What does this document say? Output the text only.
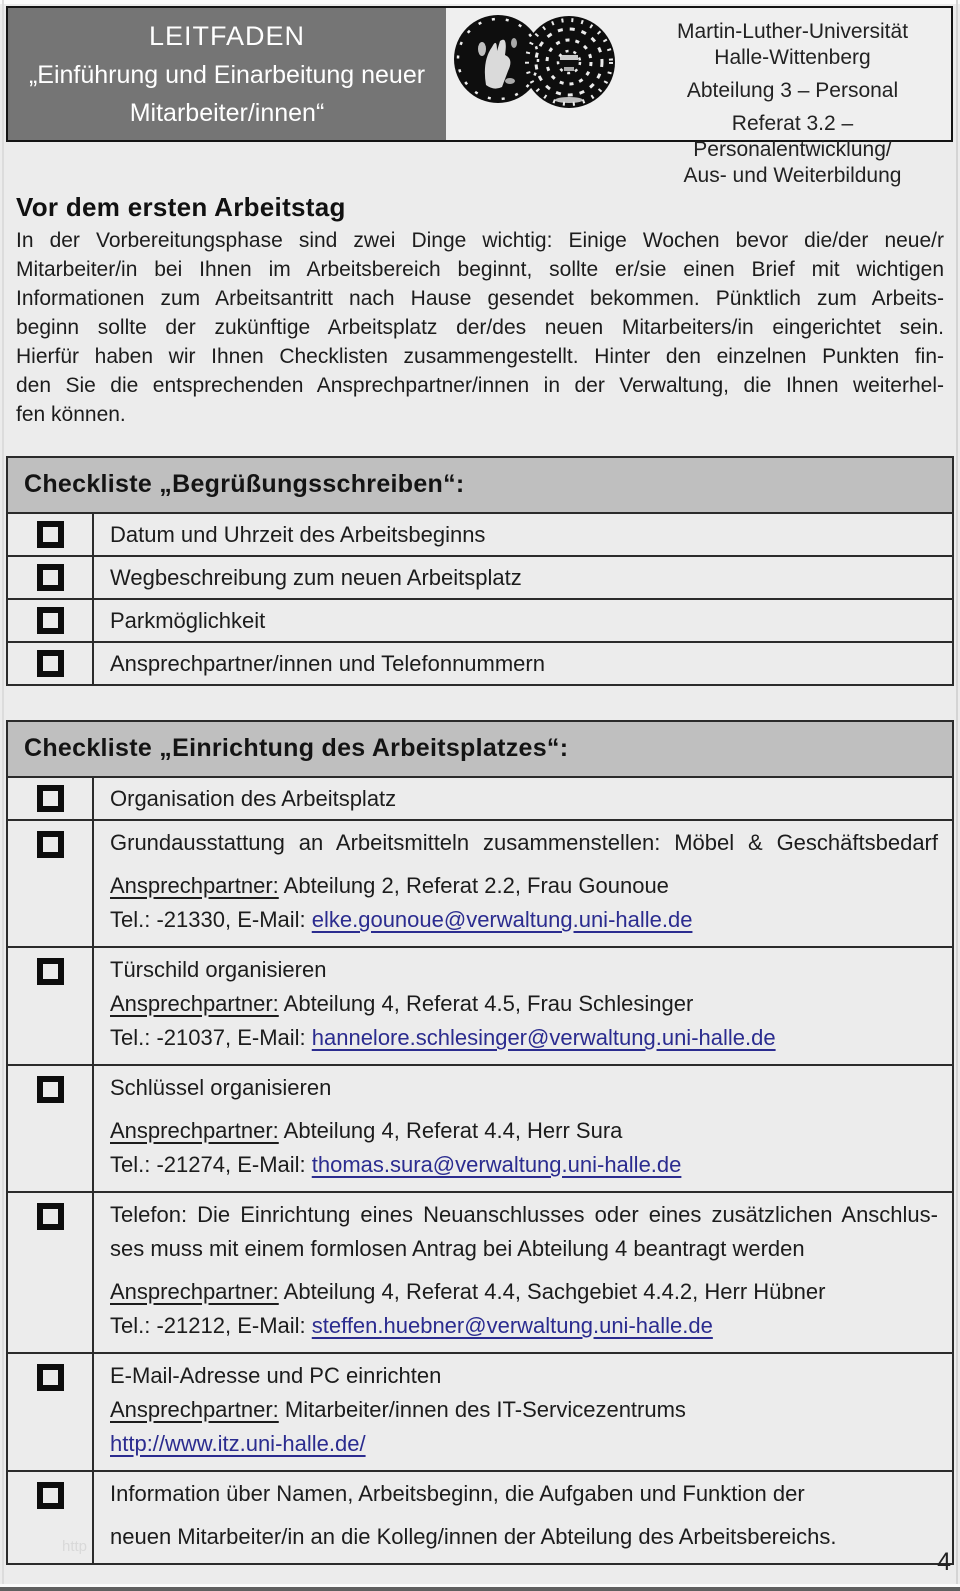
LEITFADEN
„Einführung und Einarbeitung neuer
Mitarbeiter/innen“
Martin-Luther-Universität
Halle-Wittenberg
Abteilung 3 – Personal
Referat 3.2 – Personalentwicklung/
Aus- und Weiterbildung
Vor dem ersten Arbeitstag
In der Vorbereitungsphase sind zwei Dinge wichtig: Einige Wochen bevor die/der neue/r
Mitarbeiter/in bei Ihnen im Arbeitsbereich beginnt, sollte er/sie einen Brief mit wichtigen
Informationen zum Arbeitsantritt nach Hause gesendet bekommen. Pünktlich zum Arbeits-
beginn sollte der zukünftige Arbeitsplatz der/des neuen Mitarbeiters/in eingerichtet sein.
Hierfür haben wir Ihnen Checklisten zusammengestellt. Hinter den einzelnen Punkten fin-
den Sie die entsprechenden Ansprechpartner/innen in der Verwaltung, die Ihnen weiterhel-
fen können.
Checkliste „Begrüßungsschreiben“:
Datum und Uhrzeit des Arbeitsbeginns
Wegbeschreibung zum neuen Arbeitsplatz
Parkmöglichkeit
Ansprechpartner/innen und Telefonnummern
Checkliste „Einrichtung des Arbeitsplatzes“:
Organisation des Arbeitsplatz
Grundausstattung an Arbeitsmitteln zusammenstellen: Möbel & Geschäftsbedarf
Ansprechpartner: Abteilung 2, Referat 2.2, Frau Gounoue
Tel.: -21330, E-Mail: elke.gounoue@verwaltung.uni-halle.de
Türschild organisieren
Ansprechpartner: Abteilung 4, Referat 4.5, Frau Schlesinger
Tel.: -21037, E-Mail: hannelore.schlesinger@verwaltung.uni-halle.de
Schlüssel organisieren
Ansprechpartner: Abteilung 4, Referat 4.4, Herr Sura
Tel.: -21274, E-Mail: thomas.sura@verwaltung.uni-halle.de
Telefon: Die Einrichtung eines Neuanschlusses oder eines zusätzlichen Anschlus-
ses muss mit einem formlosen Antrag bei Abteilung 4 beantragt werden
Ansprechpartner: Abteilung 4, Referat 4.4, Sachgebiet 4.4.2, Herr Hübner
Tel.: -21212, E-Mail: steffen.huebner@verwaltung.uni-halle.de
E-Mail-Adresse und PC einrichten
Ansprechpartner: Mitarbeiter/innen des IT-Servicezentrums
http://www.itz.uni-halle.de/
Information über Namen, Arbeitsbeginn, die Aufgaben und Funktion der
neuen Mitarbeiter/in an die Kolleg/innen der Abteilung des Arbeitsbereichs.
http
4
